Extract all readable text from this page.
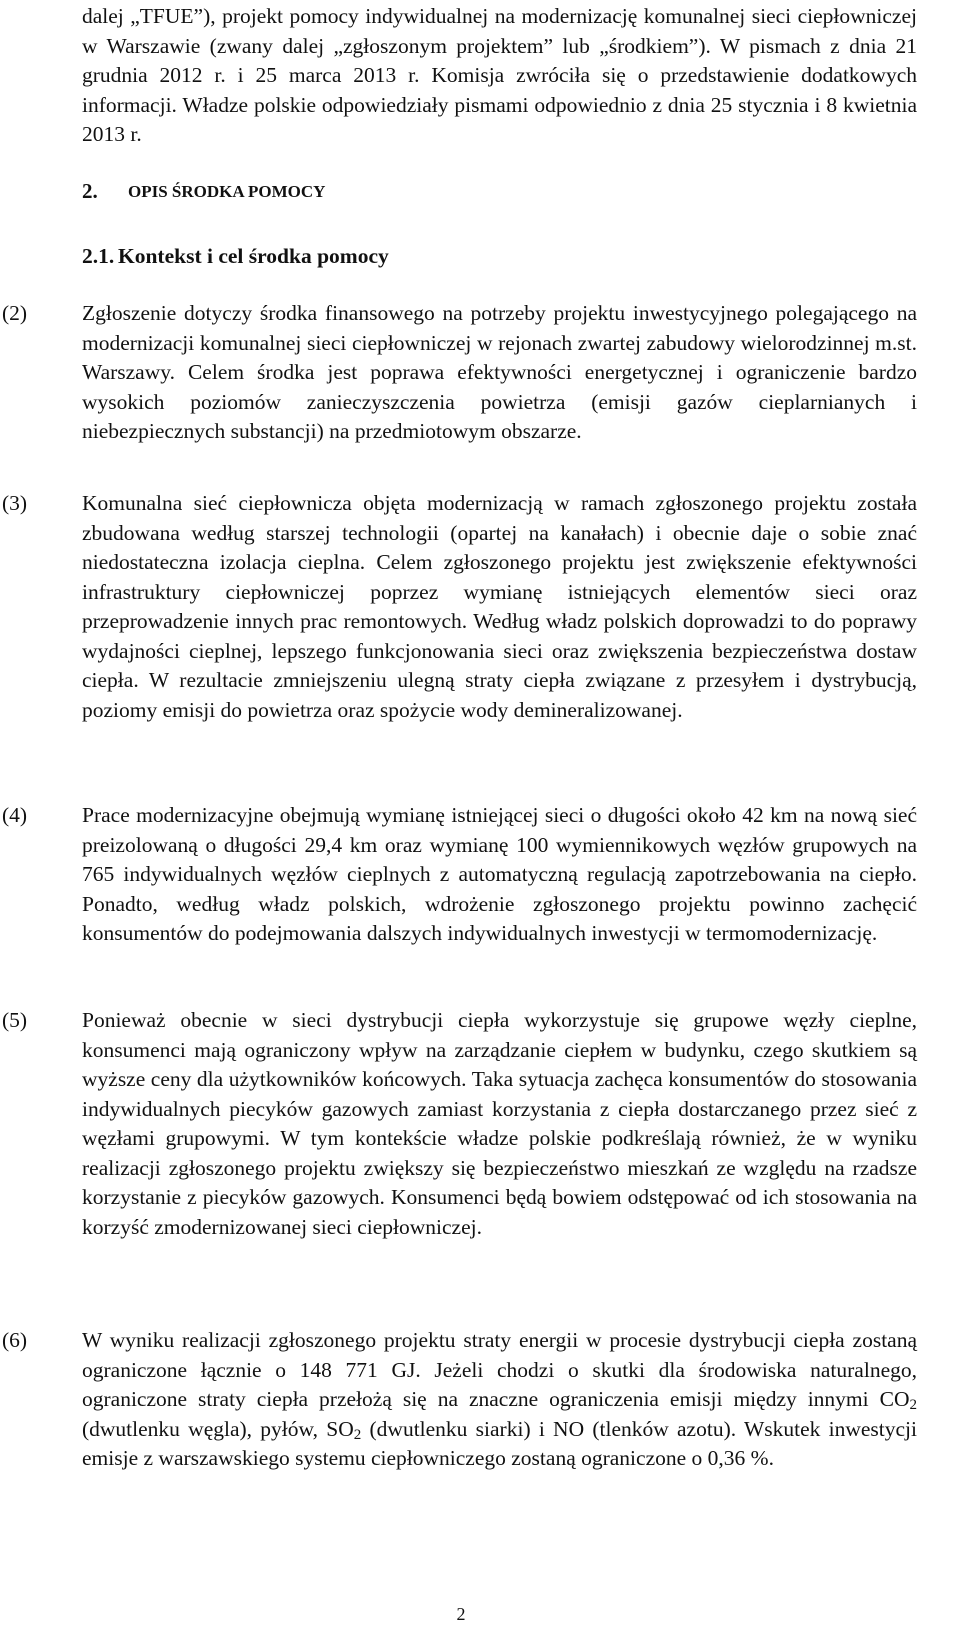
dalej „TFUE”), projekt pomocy indywidualnej na modernizację komunalnej sieci ciepłowniczej w Warszawie (zwany dalej „zgłoszonym projektem” lub „środkiem”). W pismach z dnia 21 grudnia 2012 r. i 25 marca 2013 r. Komisja zwróciła się o przedstawienie dodatkowych informacji. Władze polskie odpowiedziały pismami odpowiednio z dnia 25 stycznia i 8 kwietnia 2013 r.
2. OPIS ŚRODKA POMOCY
2.1. Kontekst i cel środka pomocy
(2)	Zgłoszenie dotyczy środka finansowego na potrzeby projektu inwestycyjnego polegającego na modernizacji komunalnej sieci ciepłowniczej w rejonach zwartej zabudowy wielorodzinnej m.st. Warszawy. Celem środka jest poprawa efektywności energetycznej i ograniczenie bardzo wysokich poziomów zanieczyszczenia powietrza (emisji gazów cieplarnianych i niebezpiecznych substancji) na przedmiotowym obszarze.
(3)	Komunalna sieć ciepłownicza objęta modernizacją w ramach zgłoszonego projektu została zbudowana według starszej technologii (opartej na kanałach) i obecnie daje o sobie znać niedostateczna izolacja cieplna. Celem zgłoszonego projektu jest zwiększenie efektywności infrastruktury ciepłowniczej poprzez wymianę istniejących elementów sieci oraz przeprowadzenie innych prac remontowych. Według władz polskich doprowadzi to do poprawy wydajności cieplnej, lepszego funkcjonowania sieci oraz zwiększenia bezpieczeństwa dostaw ciepła. W rezultacie zmniejszeniu ulegną straty ciepła związane z przesyłem i dystrybucją, poziomy emisji do powietrza oraz spożycie wody demineralizowanej.
(4)	Prace modernizacyjne obejmują wymianę istniejącej sieci o długości około 42 km na nową sieć preizolowaną o długości 29,4 km oraz wymianę 100 wymiennikowych węzłów grupowych na 765 indywidualnych węzłów cieplnych z automatyczną regulacją zapotrzebowania na ciepło. Ponadto, według władz polskich, wdrożenie zgłoszonego projektu powinno zachęcić konsumentów do podejmowania dalszych indywidualnych inwestycji w termomodernizację.
(5)	Ponieważ obecnie w sieci dystrybucji ciepła wykorzystuje się grupowe węzły cieplne, konsumenci mają ograniczony wpływ na zarządzanie ciepłem w budynku, czego skutkiem są wyższe ceny dla użytkowników końcowych. Taka sytuacja zachęca konsumentów do stosowania indywidualnych piecyków gazowych zamiast korzystania z ciepła dostarczanego przez sieć z węzłami grupowymi. W tym kontekście władze polskie podkreślają również, że w wyniku realizacji zgłoszonego projektu zwiększy się bezpieczeństwo mieszkań ze względu na rzadsze korzystanie z piecyków gazowych. Konsumenci będą bowiem odstępować od ich stosowania na korzyść zmodernizowanej sieci ciepłowniczej.
(6)	W wyniku realizacji zgłoszonego projektu straty energii w procesie dystrybucji ciepła zostaną ograniczone łącznie o 148 771 GJ. Jeżeli chodzi o skutki dla środowiska naturalnego, ograniczone straty ciepła przełożą się na znaczne ograniczenia emisji między innymi $CO_2$ (dwutlenku węgla), pyłów, $SO_2$ (dwutlenku siarki) i NO (tlenków azotu). Wskutek inwestycji emisje z warszawskiego systemu ciepłowniczego zostaną ograniczone o 0,36 %.
2
